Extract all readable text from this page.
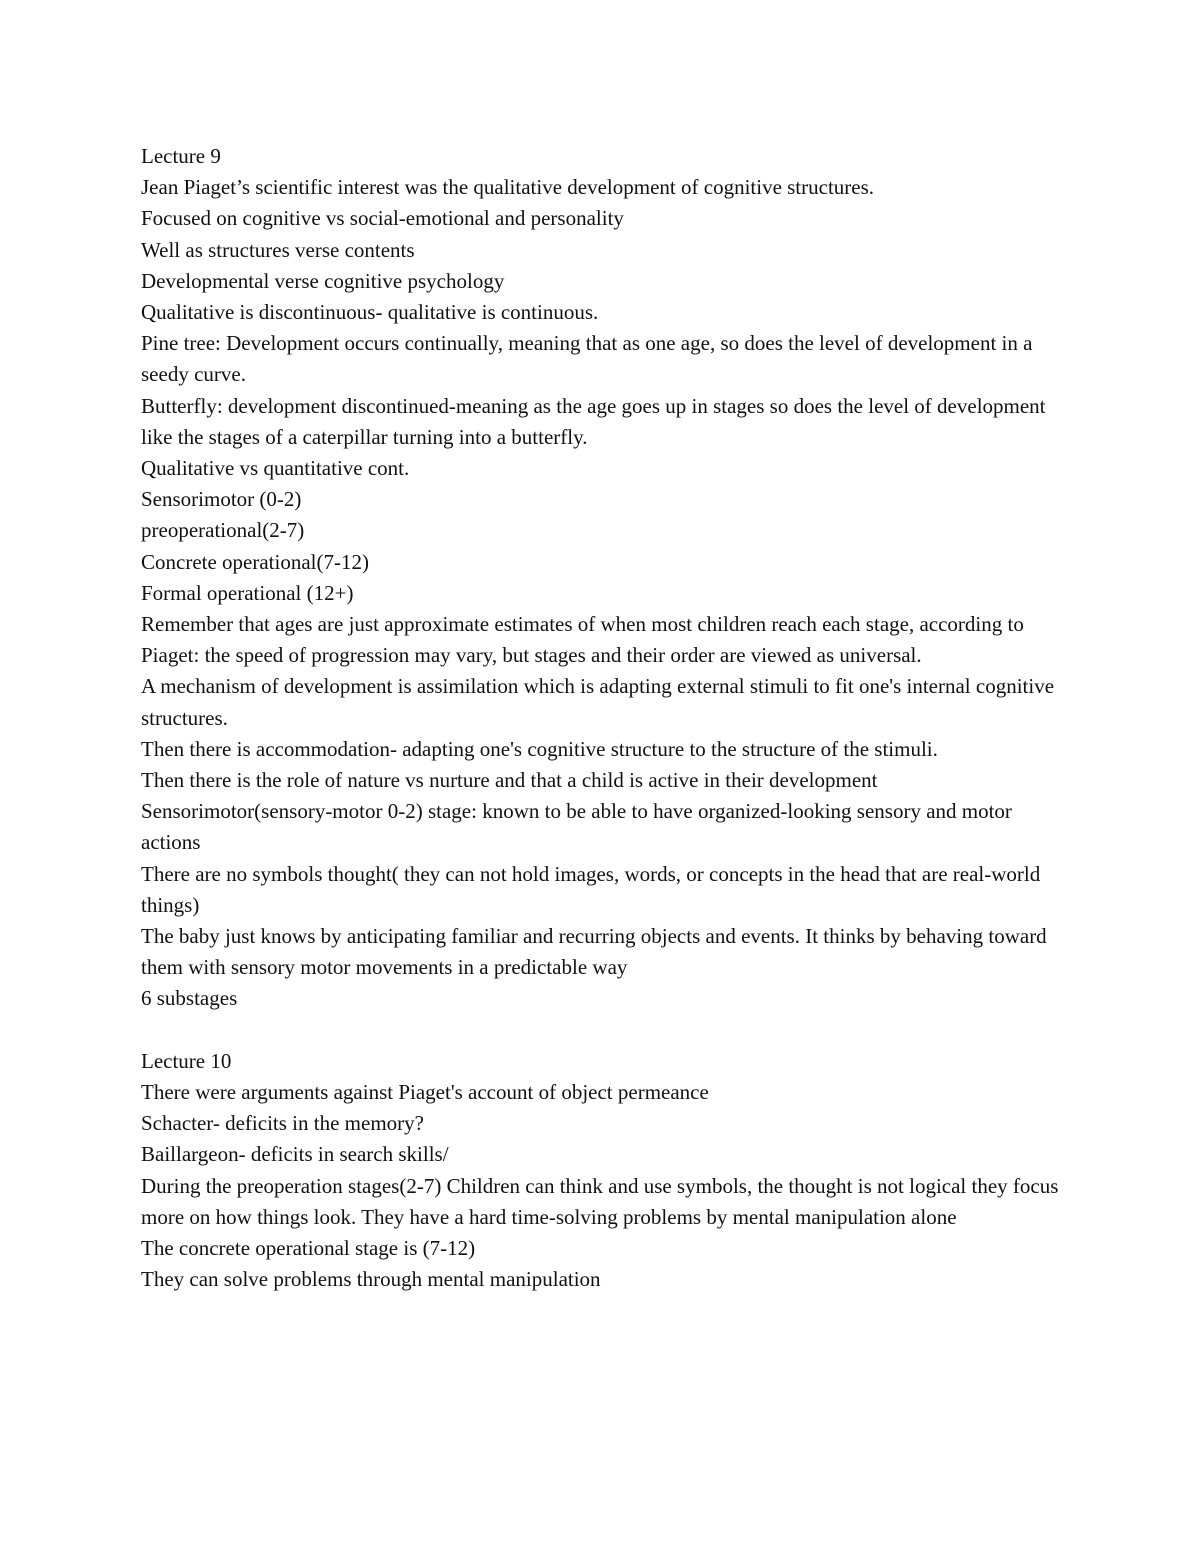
Lecture 9

Jean Piaget’s scientific interest was the qualitative development of cognitive structures.

Focused on cognitive vs social-emotional and personality

Well as structures verse contents

Developmental verse cognitive psychology

Qualitative is discontinuous- qualitative is continuous.

Pine tree: Development occurs continually, meaning that as one age, so does the level of development in a seedy curve.

Butterfly: development discontinued-meaning as the age goes up in stages so does the level of development like the stages of a caterpillar turning into a butterfly.

Qualitative vs quantitative cont.

Sensorimotor (0-2)

preoperational(2-7)

Concrete operational(7-12)

Formal operational (12+)

Remember that ages are just approximate estimates of when most children reach each stage, according to Piaget: the speed of progression may vary, but stages and their order are viewed as universal.

A mechanism of development is assimilation which is adapting external stimuli to fit one's internal cognitive structures.

Then there is accommodation- adapting one's cognitive structure to the structure of the stimuli.

Then there is the role of nature vs nurture and that a child is active in their development

Sensorimotor(sensory-motor 0-2) stage: known to be able to have organized-looking sensory and motor actions

There are no symbols thought( they can not hold images, words, or concepts in the head that are real-world things)

The baby just knows by anticipating familiar and recurring objects and events. It thinks by behaving toward them with sensory motor movements in a predictable way

6 substages

Lecture 10

There were arguments against Piaget's account of object permeance

Schacter- deficits in the memory?

Baillargeon- deficits in search skills/

During the preoperation stages(2-7) Children can think and use symbols, the thought is not logical they focus more on how things look. They have a hard time-solving problems by mental manipulation alone

The concrete operational stage is (7-12)

They can solve problems through mental manipulation
